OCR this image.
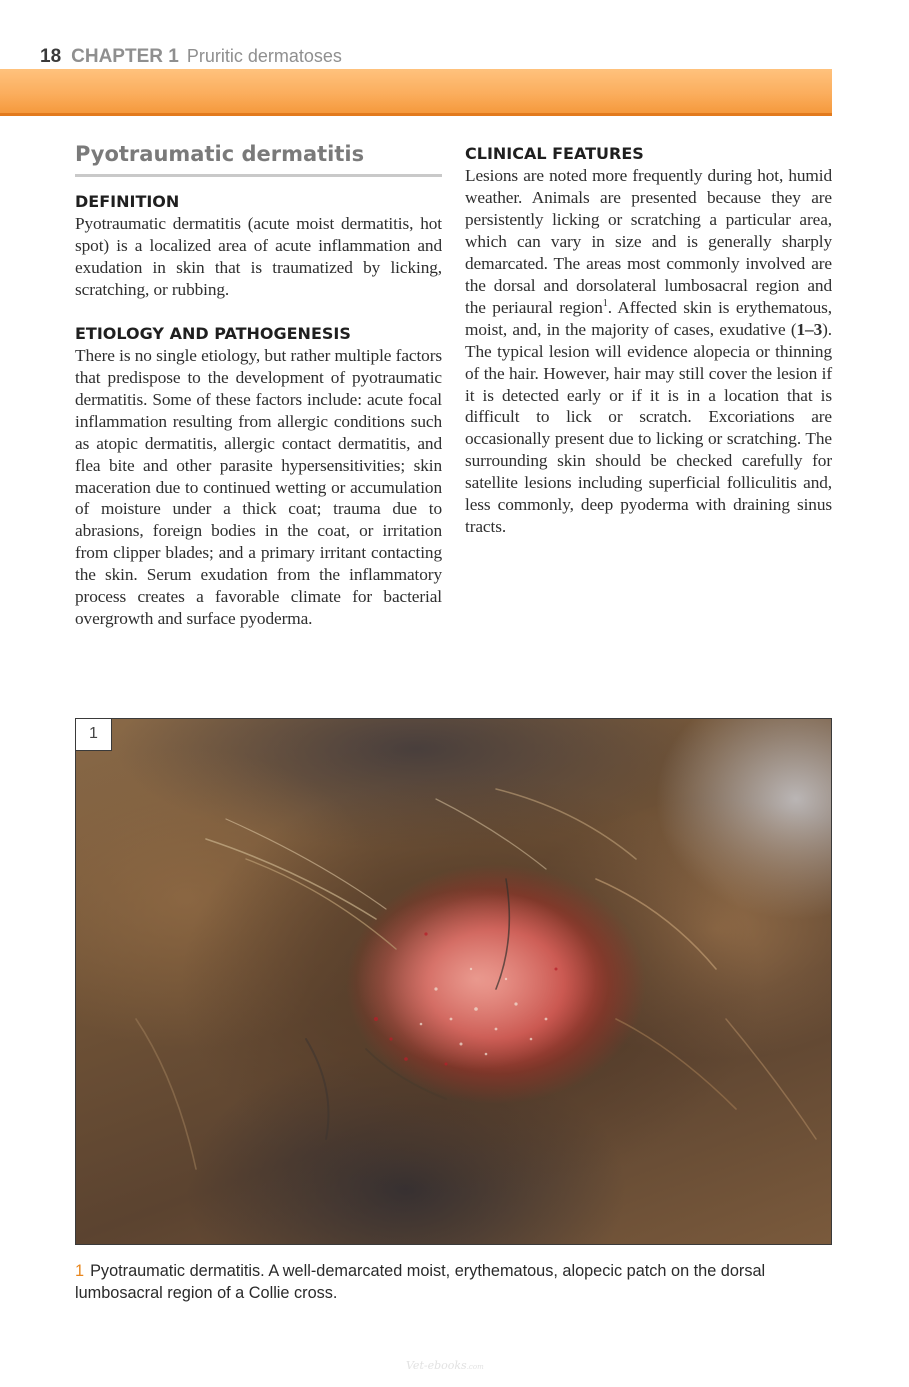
18 CHAPTER 1 Pruritic dermatoses
Pyotraumatic dermatitis
DEFINITION

Pyotraumatic dermatitis (acute moist dermatitis, hot spot) is a localized area of acute inflammation and exudation in skin that is traumatized by licking, scratching, or rubbing.

ETIOLOGY AND PATHOGENESIS

There is no single etiology, but rather multiple factors that predispose to the development of pyotraumatic dermatitis. Some of these factors include: acute focal inflammation resulting from allergic conditions such as atopic dermatitis, allergic contact dermatitis, and flea bite and other parasite hypersensitivities; skin maceration due to continued wetting or accumulation of moisture under a thick coat; trauma due to abrasions, foreign bodies in the coat, or irritation from clipper blades; and a primary irritant contacting the skin. Serum exudation from the inflammatory process creates a favorable climate for bacterial overgrowth and surface pyoderma.

CLINICAL FEATURES

Lesions are noted more frequently during hot, humid weather. Animals are presented because they are persistently licking or scratching a particular area, which can vary in size and is generally sharply demarcated. The areas most commonly involved are the dorsal and dorsolateral lumbosacral region and the periaural region$^1$. Affected skin is erythematous, moist, and, in the majority of cases, exudative (1–3). The typical lesion will evidence alopecia or thinning of the hair. However, hair may still cover the lesion if it is detected early or if it is in a location that is difficult to lick or scratch. Excoriations are occasionally present due to licking or scratching. The surrounding skin should be checked carefully for satellite lesions including superficial folliculitis and, less commonly, deep pyoderma with draining sinus tracts.

1

1 Pyotraumatic dermatitis. A well-demarcated moist, erythematous, alopecic patch on the dorsal lumbosacral region of a Collie cross.

Vet-ebooks.com
